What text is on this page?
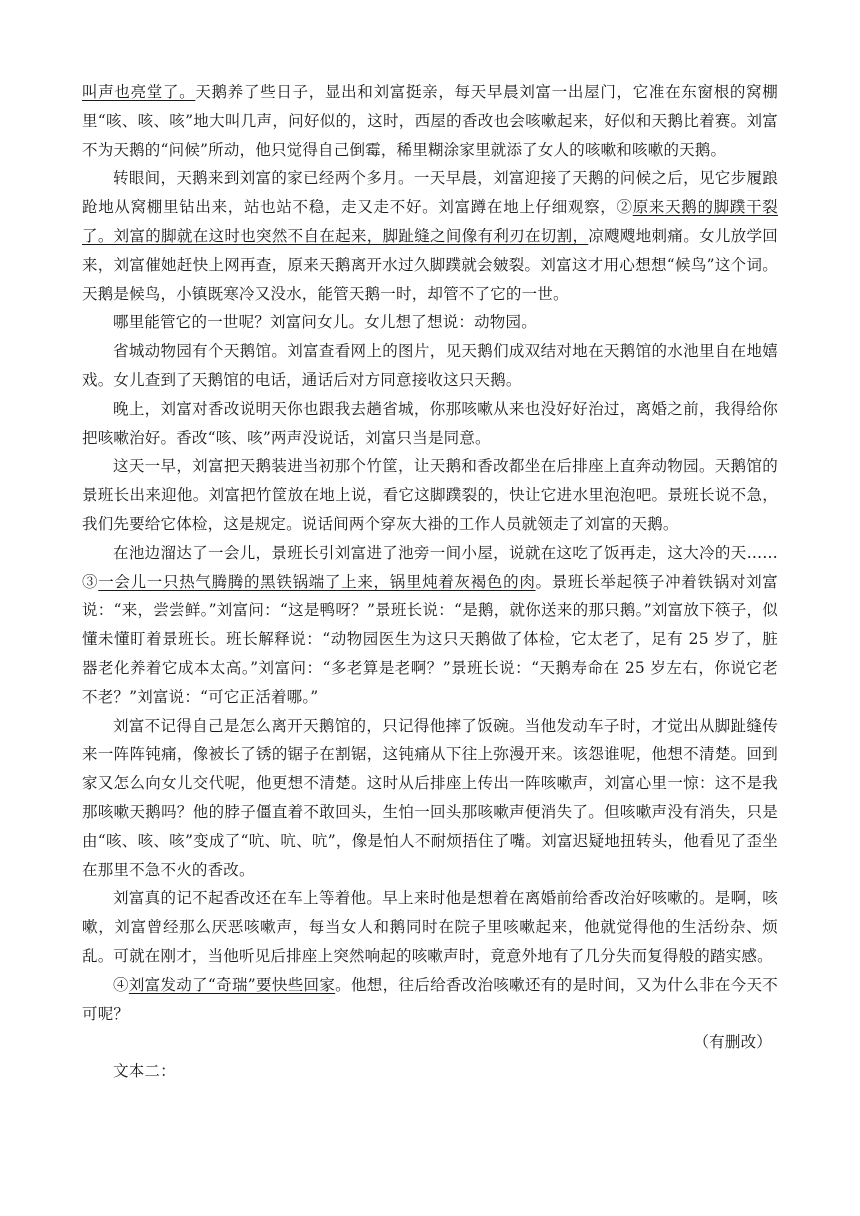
叫声也亮堂了。天鹅养了些日子，显出和刘富挺亲，每天早晨刘富一出屋门，它准在东窗根的窝棚里“咳、咳、咳”地大叫几声，问好似的，这时，西屋的香改也会咳嗽起来，好似和天鹅比着赛。刘富不为天鹅的“问候”所动，他只觉得自己倒霉，稀里糊涂家里就添了女人的咳嗽和咳嗽的天鹅。

转眼间，天鹅来到刘富的家已经两个多月。一天早晨，刘富迎接了天鹅的问候之后，见它步履踉跄地从窝棚里钻出来，站也站不稳，走又走不好。刘富蹲在地上仔细观察，②原来天鹅的脚蹼干裂了。刘富的脚就在这时也突然不自在起来，脚趾缝之间像有利刃在切割，凉飕飕地刺痛。女儿放学回来，刘富催她赶快上网再查，原来天鹅离开水过久脚蹼就会皴裂。刘富这才用心想想“候鸟”这个词。天鹅是候鸟，小镇既寒冷又没水，能管天鹅一时，却管不了它的一世。

哪里能管它的一世呢？刘富问女儿。女儿想了想说：动物园。

省城动物园有个天鹅馆。刘富查看网上的图片，见天鹅们成双结对地在天鹅馆的水池里自在地嬉戏。女儿查到了天鹅馆的电话，通话后对方同意接收这只天鹅。

晚上，刘富对香改说明天你也跟我去趟省城，你那咳嗽从来也没好好治过，离婚之前，我得给你把咳嗽治好。香改“咳、咳”两声没说话，刘富只当是同意。

这天一早，刘富把天鹅装进当初那个竹筐，让天鹅和香改都坐在后排座上直奔动物园。天鹅馆的景班长出来迎他。刘富把竹筐放在地上说，看它这脚蹼裂的，快让它进水里泡泡吧。景班长说不急，我们先要给它体检，这是规定。说话间两个穿灰大褂的工作人员就领走了刘富的天鹅。

在池边溜达了一会儿，景班长引刘富进了池旁一间小屋，说就在这吃了饭再走，这大冷的天……③一会儿一只热气腾腾的黑铁锅端了上来，锅里炖着灰褐色的肉。景班长举起筷子冲着铁锅对刘富说：“来，尝尝鲜。”刘富问：“这是鸭呀？”景班长说：“是鹅，就你送来的那只鹅。”刘富放下筷子，似懂未懂盯着景班长。班长解释说：“动物园医生为这只天鹅做了体检，它太老了，足有 25 岁了，脏器老化养着它成本太高。”刘富问：“多老算是老啊？”景班长说：“天鹅寿命在 25 岁左右，你说它老不老？”刘富说：“可它正活着哪。”

刘富不记得自己是怎么离开天鹅馆的，只记得他摔了饭碗。当他发动车子时，才觉出从脚趾缝传来一阵阵钝痛，像被长了锈的锯子在割锯，这钝痛从下往上弥漫开来。该怨谁呢，他想不清楚。回到家又怎么向女儿交代呢，他更想不清楚。这时从后排座上传出一阵咳嗽声，刘富心里一惊：这不是我那咳嗽天鹅吗？他的脖子僵直着不敢回头，生怕一回头那咳嗽声便消失了。但咳嗽声没有消失，只是由“咳、咳、咳”变成了“吭、吭、吭”，像是怕人不耐烦捂住了嘴。刘富迟疑地扭转头，他看见了歪坐在那里不急不火的香改。

刘富真的记不起香改还在车上等着他。早上来时他是想着在离婚前给香改治好咳嗽的。是啊，咳嗽，刘富曾经那么厌恶咳嗽声，每当女人和鹅同时在院子里咳嗽起来，他就觉得他的生活纷杂、烦乱。可就在刚才，当他听见后排座上突然响起的咳嗽声时，竟意外地有了几分失而复得般的踏实感。

④刘富发动了“奇瑞”要快些回家。他想，往后给香改治咳嗽还有的是时间，又为什么非在今天不可呢？

（有删改）

文本二：
